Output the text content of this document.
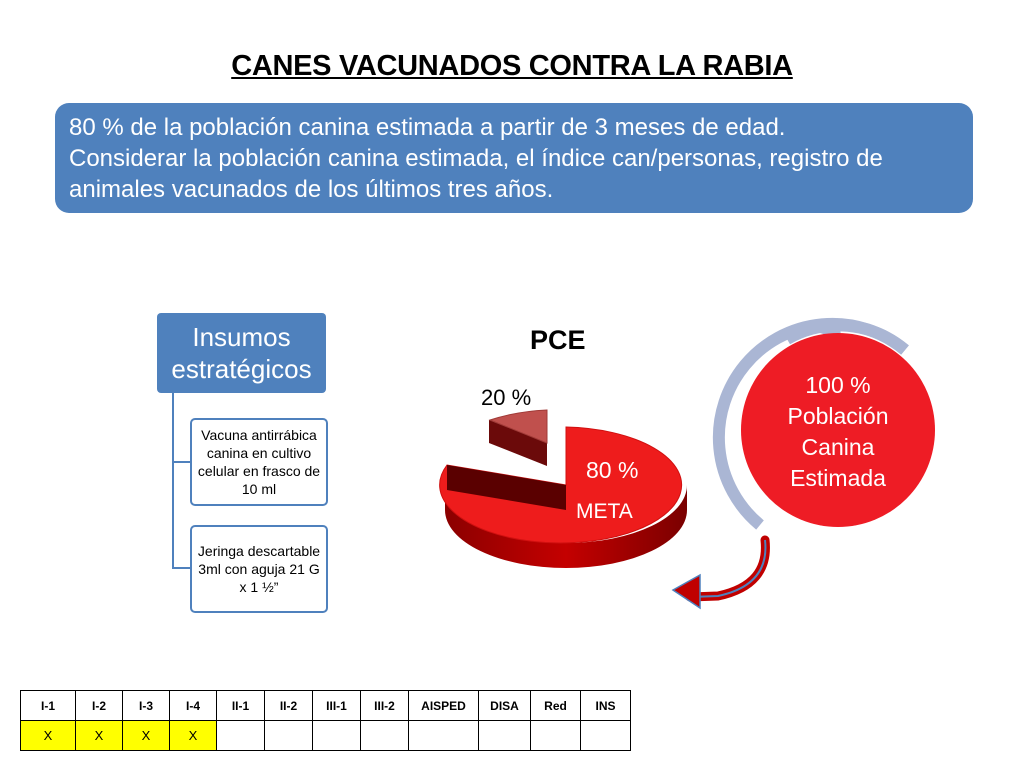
CANES VACUNADOS CONTRA LA RABIA
80 % de la población canina estimada a partir de 3 meses de edad.
Considerar la población canina estimada, el índice can/personas, registro de
animales vacunados de los últimos tres años.
Insumos
estratégicos
Vacuna antirrábica canina en cultivo celular en frasco de 10 ml
Jeringa descartable 3ml con aguja 21 G x 1 ½”
PCE
20 %
80 %
META
100 %
Población
Canina
Estimada
I-1	I-2	I-3	I-4	II-1	II-2	III-1	III-2	AISPED	DISA	Red	INS
X	X	X	X								
